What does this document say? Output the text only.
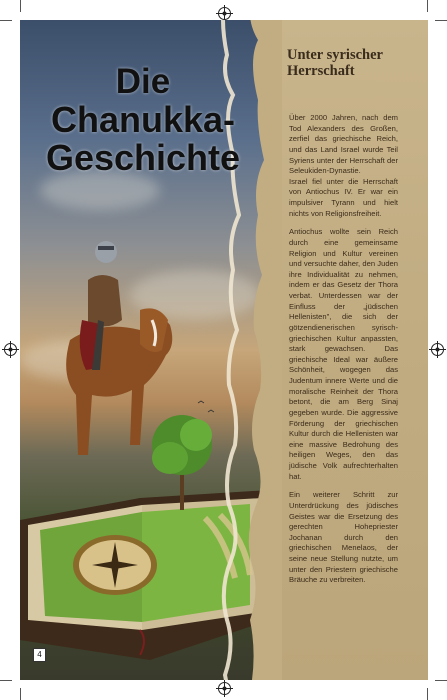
Die
Chanukka-
Geschichte
4
Unter syrischer Herrschaft

Über 2000 Jahren, nach dem Tod Alexanders des Großen, zerfiel das griechische Reich, und das Land Israel wurde Teil Syriens unter der Herrschaft der Seleukiden-Dynastie.

Israel fiel unter die Herrschaft von Antiochus IV. Er war ein impulsiver Tyrann und hielt nichts von Religionsfreiheit.

Antiochus wollte sein Reich durch eine gemeinsame Religion und Kultur vereinen und versuchte daher, den Juden ihre Individualität zu nehmen, indem er das Gesetz der Thora verbat. Unterdessen war der Einfluss der „jüdischen Hellenisten", die sich der götzendienerischen syrisch-griechischen Kultur anpassten, stark gewachsen. Das griechische Ideal war äußere Schönheit, wogegen das Judentum innere Werte und die moralische Reinheit der Thora betont, die am Berg Sinaj gegeben wurde. Die aggressive Förderung der griechischen Kultur durch die Hellenisten war eine massive Bedrohung des heiligen Weges, den das jüdische Volk aufrechterhalten hat.

Ein weiterer Schritt zur Unterdrückung des jüdisches Geistes war die Ersetzung des gerechten Hohepriester Jochanan durch den griechischen Menelaos, der seine neue Stellung nutzte, um unter den Priestern griechische Bräuche zu verbreiten.
